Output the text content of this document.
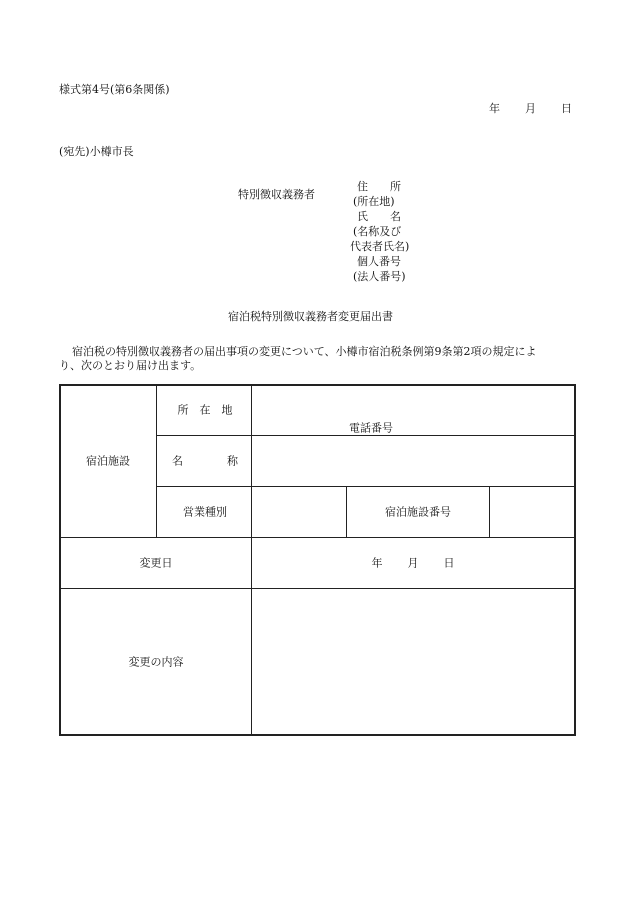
様式第4号(第6条関係)
年 月 日
(宛先)小樽市長
特別徴収義務者
住　　所
(所在地)
氏　　名
(名称及び
代表者氏名)
個人番号
(法人番号)
宿泊税特別徴収義務者変更届出書
宿泊税の特別徴収義務者の届出事項の変更について、小樽市宿泊税条例第9条第2項の規定によ
り、次のとおり届け出ます。
宿泊施設
所　在　地
電話番号
名　　　　称
営業種別	宿泊施設番号
変更日	年 月 日
変更の内容
